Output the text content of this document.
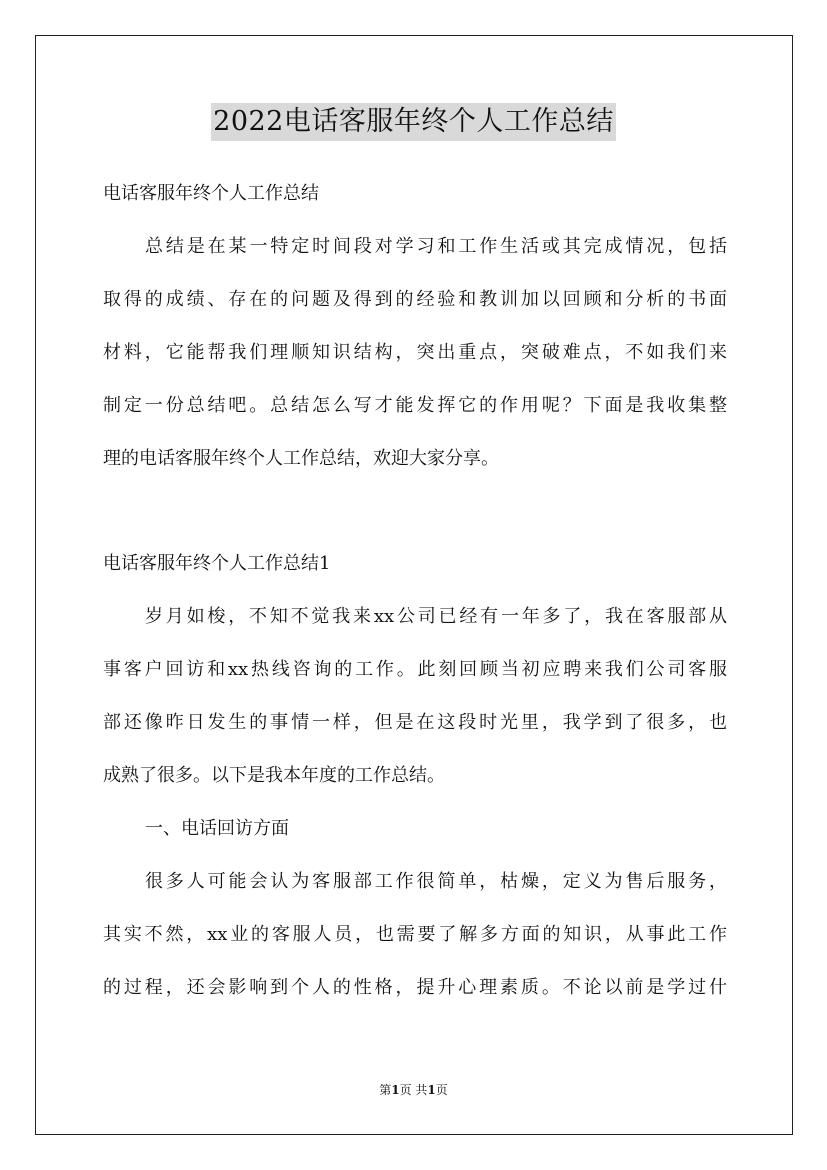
2022电话客服年终个人工作总结
电话客服年终个人工作总结
总结是在某一特定时间段对学习和工作生活或其完成情况，包括
取得的成绩、存在的问题及得到的经验和教训加以回顾和分析的书面
材料，它能帮我们理顺知识结构，突出重点，突破难点，不如我们来
制定一份总结吧。总结怎么写才能发挥它的作用呢？下面是我收集整
理的电话客服年终个人工作总结，欢迎大家分享。
电话客服年终个人工作总结1
岁月如梭，不知不觉我来xx公司已经有一年多了，我在客服部从
事客户回访和xx热线咨询的工作。此刻回顾当初应聘来我们公司客服
部还像昨日发生的事情一样，但是在这段时光里，我学到了很多，也
成熟了很多。以下是我本年度的工作总结。
一、电话回访方面
很多人可能会认为客服部工作很简单，枯燥，定义为售后服务，
其实不然，xx业的客服人员，也需要了解多方面的知识，从事此工作
的过程，还会影响到个人的性格，提升心理素质。不论以前是学过什
第1页 共1页
